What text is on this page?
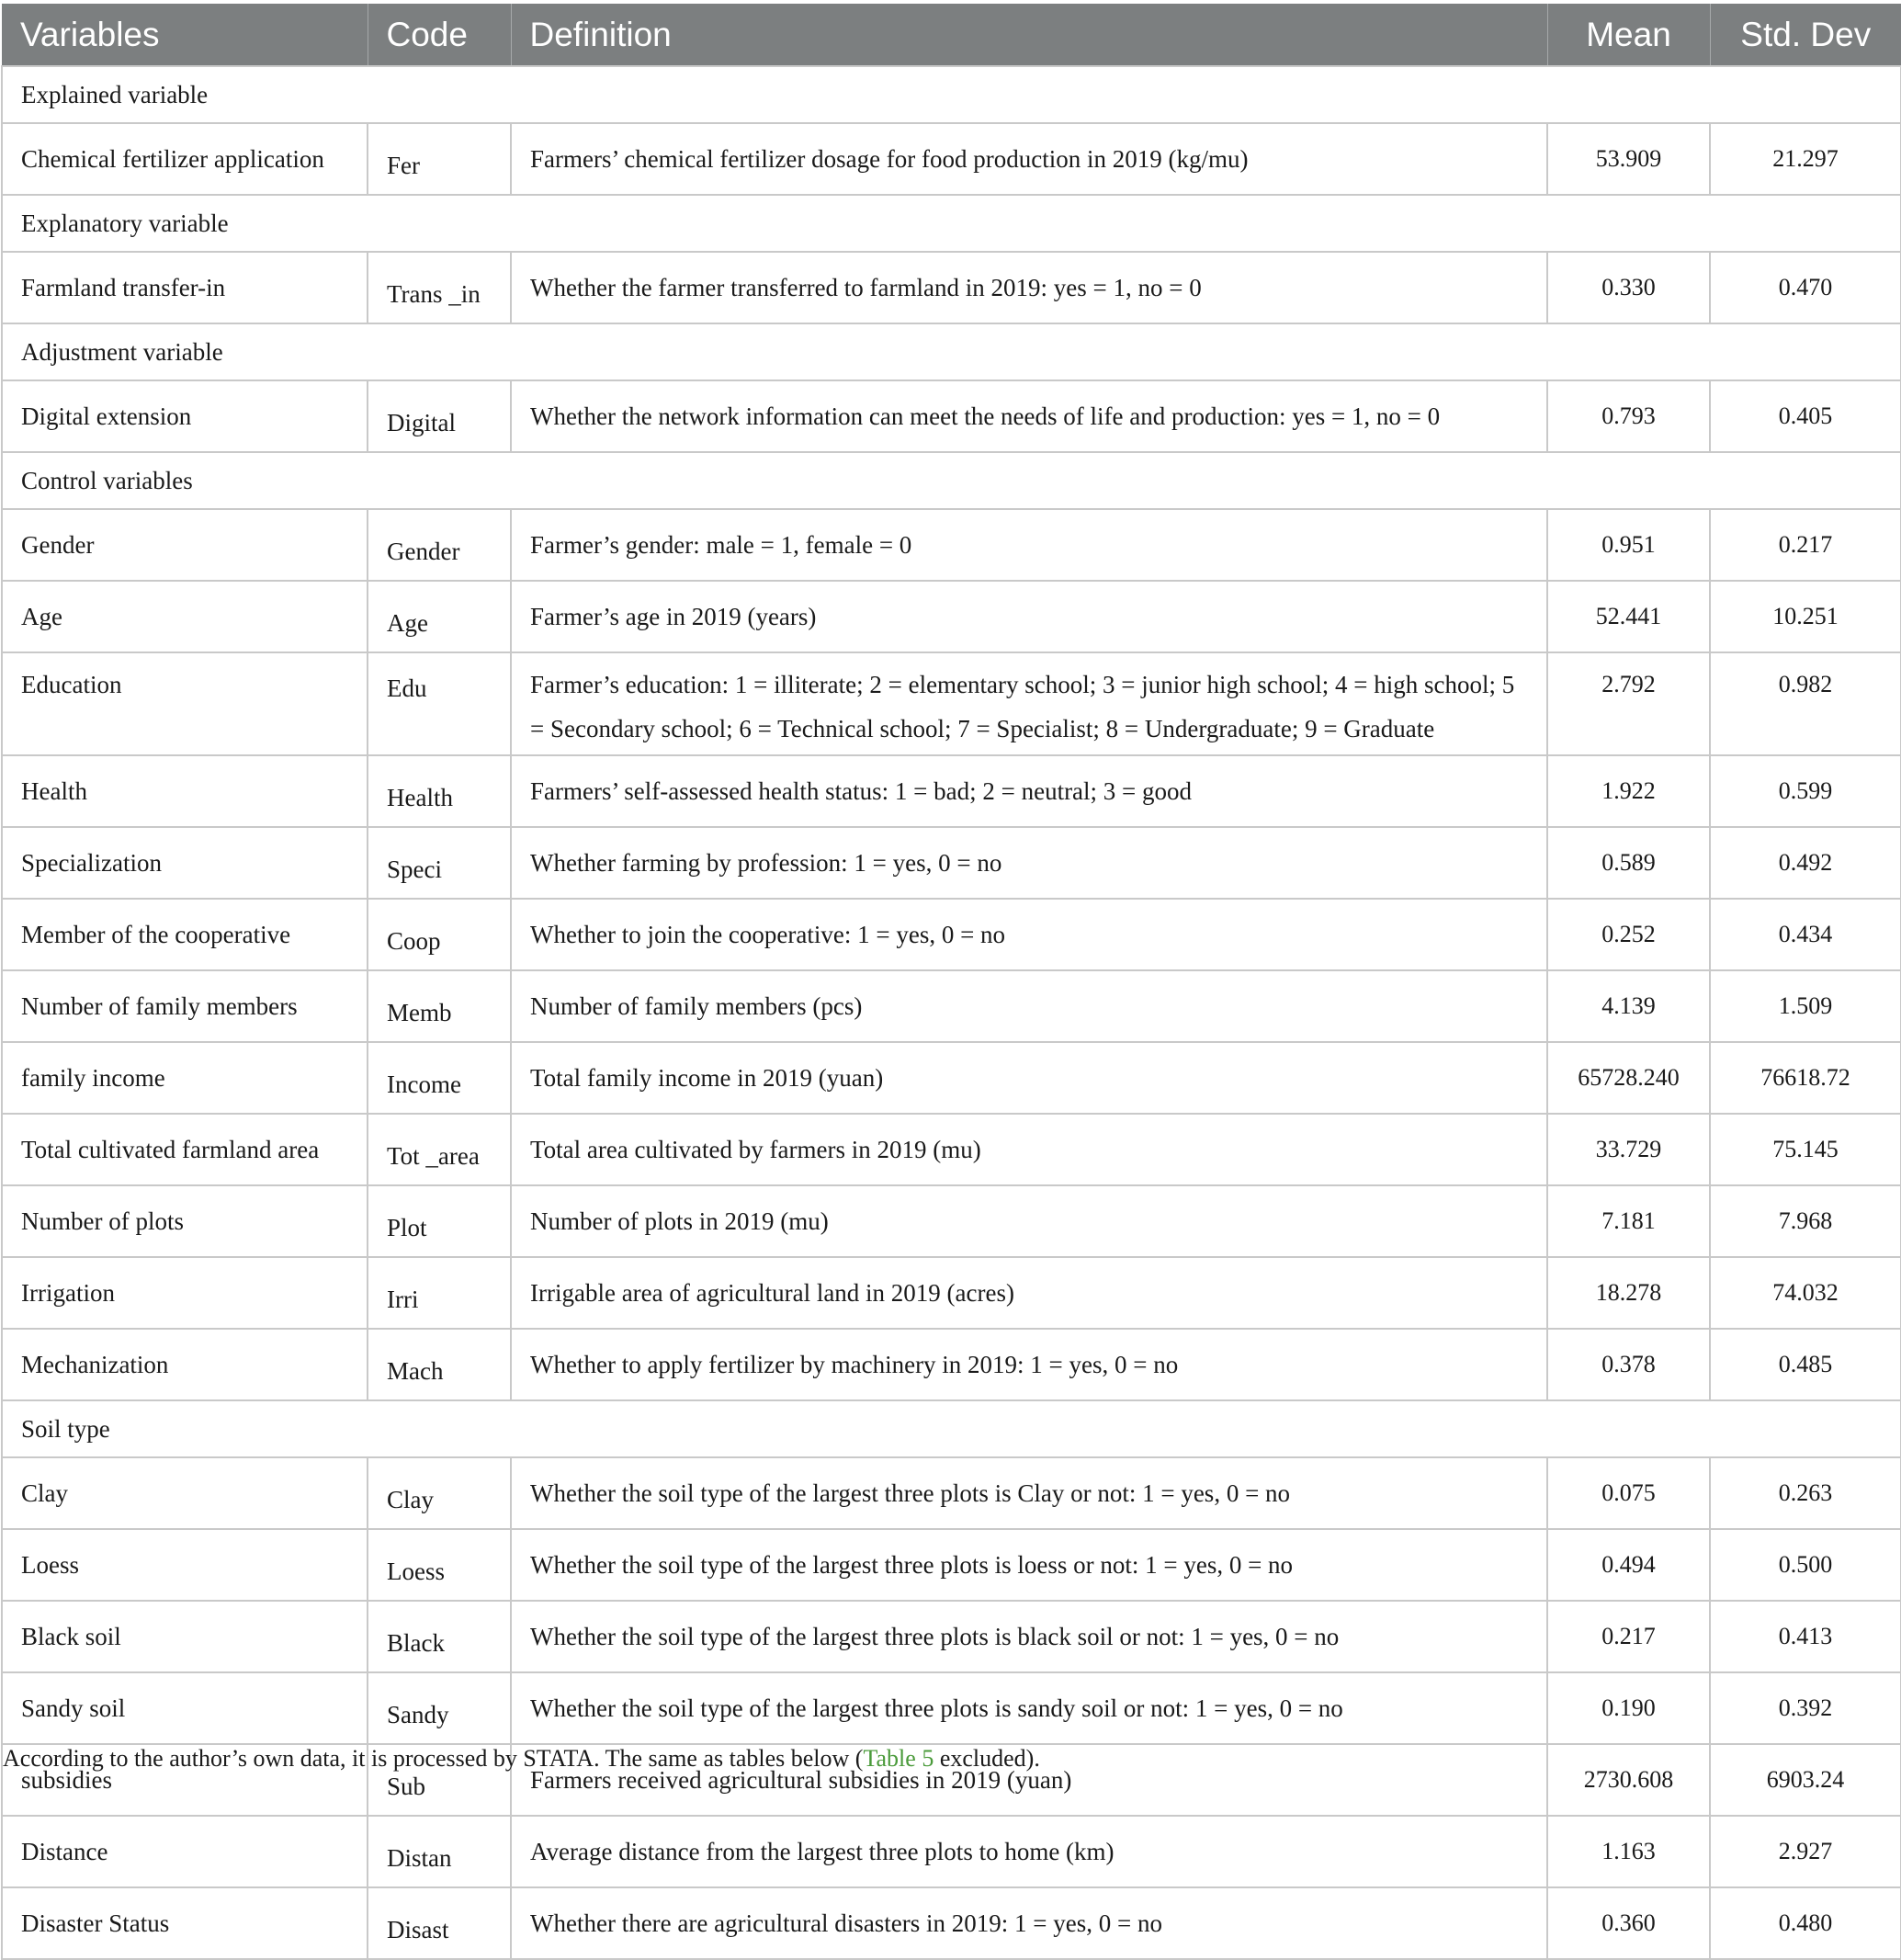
Variables	Code	Definition	Mean	Std. Dev
Explained variable				
Chemical fertilizer application	Fer	Farmers’ chemical fertilizer dosage for food production in 2019 (kg/mu)	53.909	21.297
Explanatory variable				
Farmland transfer-in	Trans _in	Whether the farmer transferred to farmland in 2019: yes = 1, no = 0	0.330	0.470
Adjustment variable				
Digital extension	Digital	Whether the network information can meet the needs of life and production: yes = 1, no = 0	0.793	0.405
Control variables				
Gender	Gender	Farmer’s gender: male = 1, female = 0	0.951	0.217
Age	Age	Farmer’s age in 2019 (years)	52.441	10.251
Education	Edu	Farmer’s education: 1 = illiterate; 2 = elementary school; 3 = junior high school; 4 = high school; 5 = Secondary school; 6 = Technical school; 7 = Specialist; 8 = Undergraduate; 9 = Graduate	2.792	0.982
Health	Health	Farmers’ self-assessed health status: 1 = bad; 2 = neutral; 3 = good	1.922	0.599
Specialization	Speci	Whether farming by profession: 1 = yes, 0 = no	0.589	0.492
Member of the cooperative	Coop	Whether to join the cooperative: 1 = yes, 0 = no	0.252	0.434
Number of family members	Memb	Number of family members (pcs)	4.139	1.509
family income	Income	Total family income in 2019 (yuan)	65728.240	76618.72
Total cultivated farmland area	Tot _area	Total area cultivated by farmers in 2019 (mu)	33.729	75.145
Number of plots	Plot	Number of plots in 2019 (mu)	7.181	7.968
Irrigation	Irri	Irrigable area of agricultural land in 2019 (acres)	18.278	74.032
Mechanization	Mach	Whether to apply fertilizer by machinery in 2019: 1 = yes, 0 = no	0.378	0.485
Soil type				
Clay	Clay	Whether the soil type of the largest three plots is Clay or not: 1 = yes, 0 = no	0.075	0.263
Loess	Loess	Whether the soil type of the largest three plots is loess or not: 1 = yes, 0 = no	0.494	0.500
Black soil	Black	Whether the soil type of the largest three plots is black soil or not: 1 = yes, 0 = no	0.217	0.413
Sandy soil	Sandy	Whether the soil type of the largest three plots is sandy soil or not: 1 = yes, 0 = no	0.190	0.392
subsidies	Sub	Farmers received agricultural subsidies in 2019 (yuan)	2730.608	6903.24
Distance	Distan	Average distance from the largest three plots to home (km)	1.163	2.927
Disaster Status	Disast	Whether there are agricultural disasters in 2019: 1 = yes, 0 = no	0.360	0.480
According to the author’s own data, it is processed by STATA. The same as tables below (Table 5 excluded).
